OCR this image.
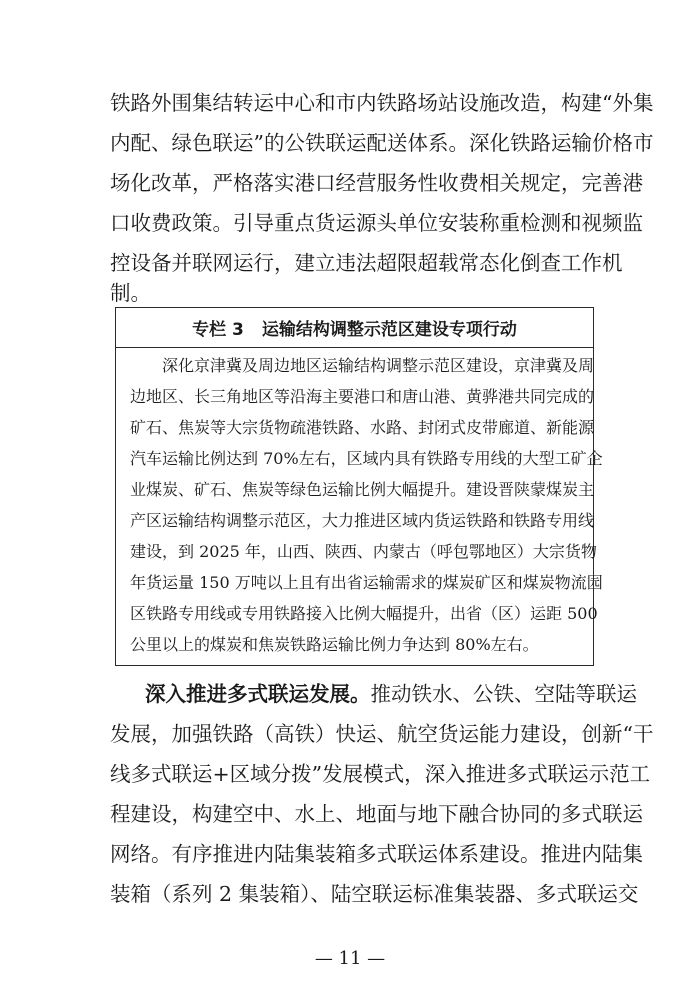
铁路外围集结转运中心和市内铁路场站设施改造，构建“外集
内配、绿色联运”的公铁联运配送体系。深化铁路运输价格市
场化改革，严格落实港口经营服务性收费相关规定，完善港
口收费政策。引导重点货运源头单位安装称重检测和视频监
控设备并联网运行，建立违法超限超载常态化倒查工作机
制。
专栏 3 运输结构调整示范区建设专项行动
深化京津冀及周边地区运输结构调整示范区建设，京津冀及周
边地区、长三角地区等沿海主要港口和唐山港、黄骅港共同完成的
矿石、焦炭等大宗货物疏港铁路、水路、封闭式皮带廊道、新能源
汽车运输比例达到 70%左右，区域内具有铁路专用线的大型工矿企
业煤炭、矿石、焦炭等绿色运输比例大幅提升。建设晋陕蒙煤炭主
产区运输结构调整示范区，大力推进区域内货运铁路和铁路专用线
建设，到 2025 年，山西、陕西、内蒙古（呼包鄂地区）大宗货物
年货运量 150 万吨以上且有出省运输需求的煤炭矿区和煤炭物流园
区铁路专用线或专用铁路接入比例大幅提升，出省（区）运距 500
公里以上的煤炭和焦炭铁路运输比例力争达到 80%左右。
深入推进多式联运发展。推动铁水、公铁、空陆等联运
发展，加强铁路（高铁）快运、航空货运能力建设，创新“干
线多式联运+区域分拨”发展模式，深入推进多式联运示范工
程建设，构建空中、水上、地面与地下融合协同的多式联运
网络。有序推进内陆集装箱多式联运体系建设。推进内陆集
— 11 —
装箱（系列 2 集装箱）、陆空联运标准集装器、多式联运交
